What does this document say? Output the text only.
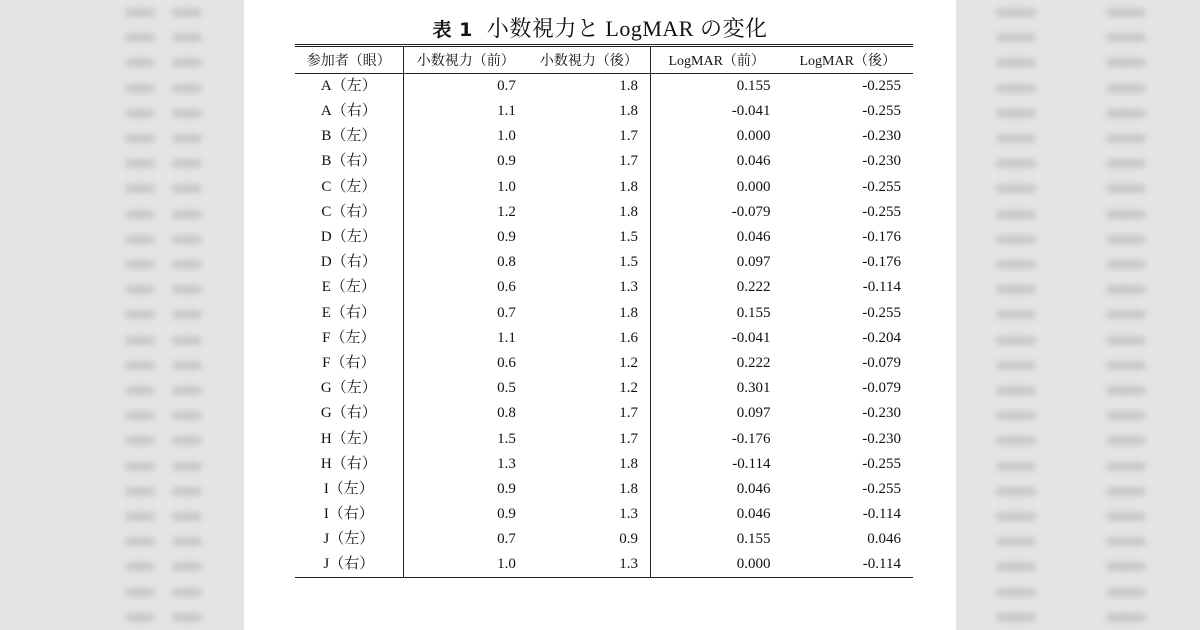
表 1 小数視力と LogMAR の変化
参加者（眼）	小数視力（前）	小数視力（後）	LogMAR（前）	LogMAR（後）
A（左）	0.7	1.8	0.155	-0.255
A（右）	1.1	1.8	-0.041	-0.255
B（左）	1.0	1.7	0.000	-0.230
B（右）	0.9	1.7	0.046	-0.230
C（左）	1.0	1.8	0.000	-0.255
C（右）	1.2	1.8	-0.079	-0.255
D（左）	0.9	1.5	0.046	-0.176
D（右）	0.8	1.5	0.097	-0.176
E（左）	0.6	1.3	0.222	-0.114
E（右）	0.7	1.8	0.155	-0.255
F（左）	1.1	1.6	-0.041	-0.204
F（右）	0.6	1.2	0.222	-0.079
G（左）	0.5	1.2	0.301	-0.079
G（右）	0.8	1.7	0.097	-0.230
H（左）	1.5	1.7	-0.176	-0.230
H（右）	1.3	1.8	-0.114	-0.255
I（左）	0.9	1.8	0.046	-0.255
I（右）	0.9	1.3	0.046	-0.114
J（左）	0.7	0.9	0.155	0.046
J（右）	1.0	1.3	0.000	-0.114
